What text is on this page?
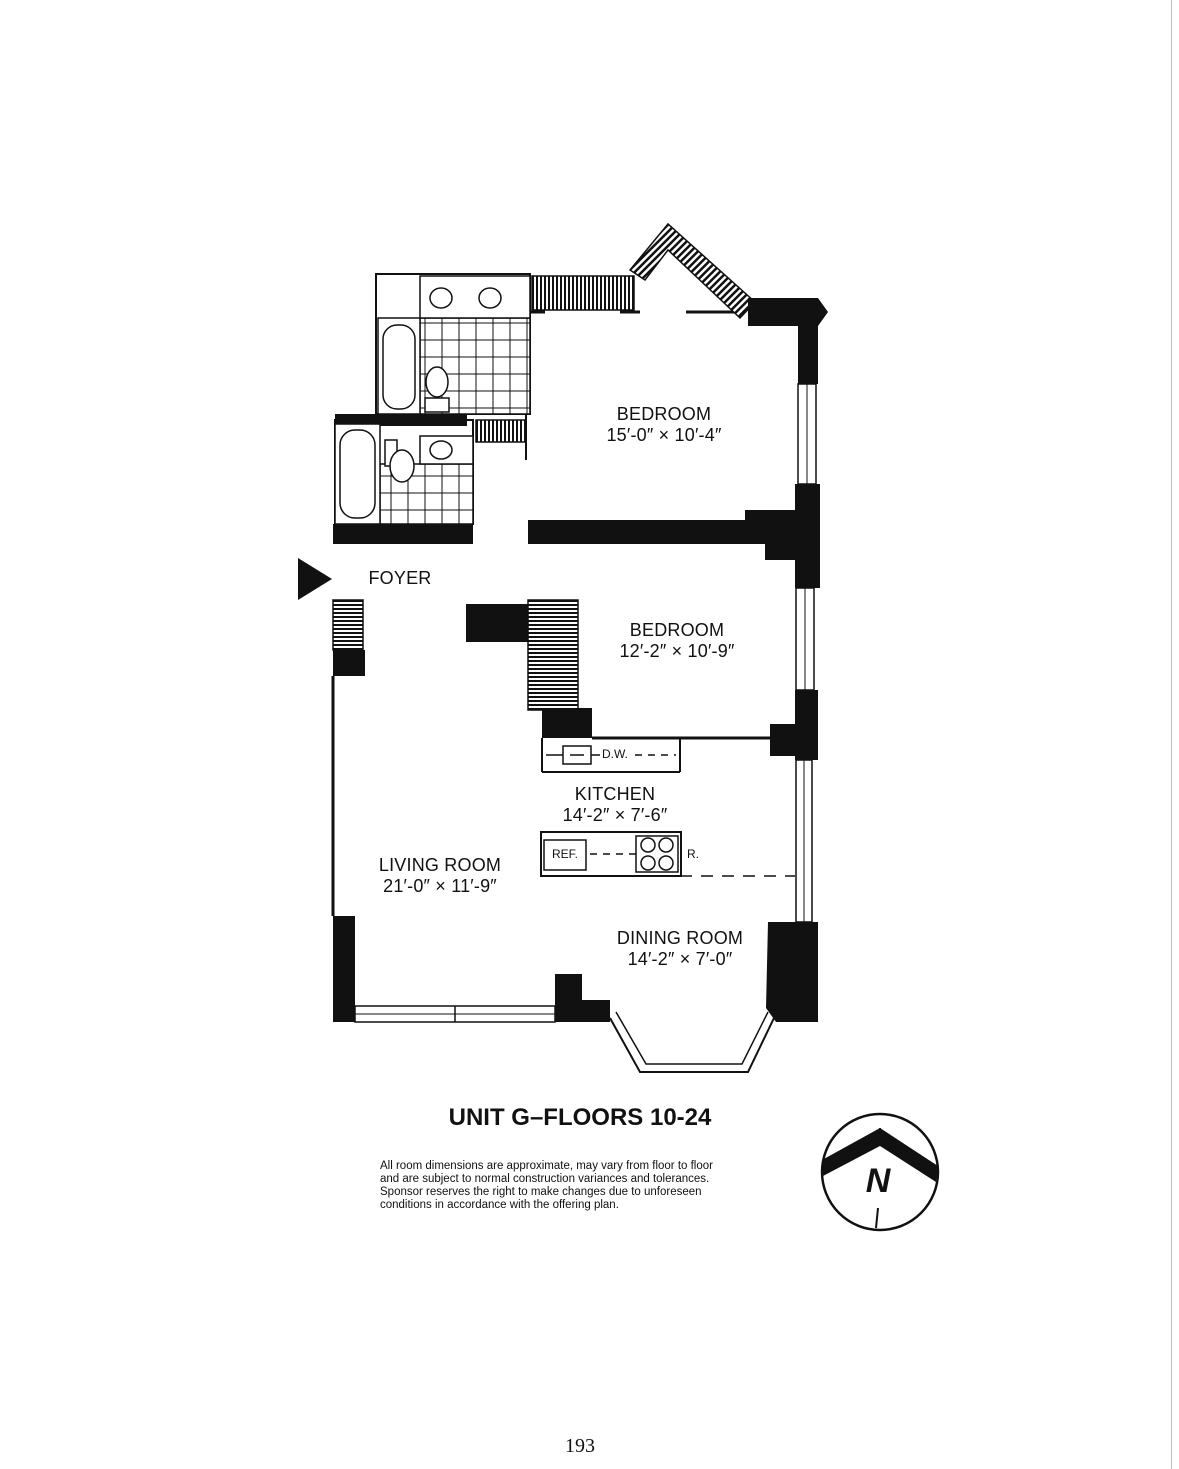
BEDROOM
15′-0″ × 10′-4″
FOYER
BEDROOM
12′-2″ × 10′-9″
KITCHEN
14′-2″ × 7′-6″
LIVING ROOM
21′-0″ × 11′-9″
DINING ROOM
14′-2″ × 7′-0″
D.W.
REF.	R.
UNIT G–FLOORS 10-24
All room dimensions are approximate, may vary from floor to floor
and are subject to normal construction variances and tolerances.
Sponsor reserves the right to make changes due to unforeseen
conditions in accordance with the offering plan.
N
193
